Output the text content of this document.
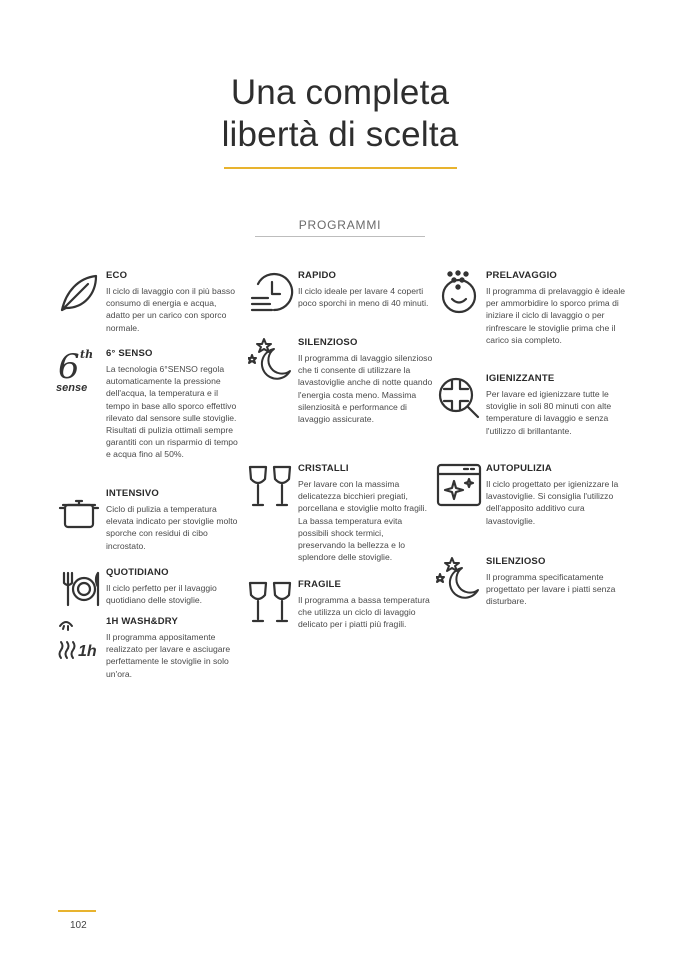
Una completa
libertà di scelta
PROGRAMMI
ECO

Il ciclo di lavaggio con il più basso consumo di energia e acqua, adatto per un carico con sporco normale.

6 th
sense
6° SENSO

La tecnologia 6°SENSO regola automaticamente la pressione dell'acqua, la temperatura e il tempo in base allo sporco effettivo rilevato dal sensore sulle stoviglie. Risultati di pulizia ottimali sempre garantiti con un risparmio di tempo e acqua fino al 50%.

INTENSIVO

Ciclo di pulizia a temperatura elevata indicato per stoviglie molto sporche con residui di cibo incrostato.

QUOTIDIANO

Il ciclo perfetto per il lavaggio quotidiano delle stoviglie.

1h
1H WASH&DRY

Il programma appositamente realizzato per lavare e asciugare perfettamente le stoviglie in solo un'ora.

RAPIDO

Il ciclo ideale per lavare 4 coperti poco sporchi in meno di 40 minuti.

SILENZIOSO

Il programma di lavaggio silenzioso che ti consente di utilizzare la lavastoviglie anche di notte quando l'energia costa meno. Massima silenziosità e performance di lavaggio assicurate.

CRISTALLI

Per lavare con la massima delicatezza bicchieri pregiati, porcellana e stoviglie molto fragili. La bassa temperatura evita possibili shock termici, preservando la bellezza e lo splendore delle stoviglie.

FRAGILE

Il programma a bassa temperatura che utilizza un ciclo di lavaggio delicato per i piatti più fragili.

PRELAVAGGIO

Il programma di prelavaggio è ideale per ammorbidire lo sporco prima di iniziare il ciclo di lavaggio o per rinfrescare le stoviglie prima che il carico sia completo.

IGIENIZZANTE

Per lavare ed igienizzare tutte le stoviglie in soli 80 minuti con alte temperature di lavaggio e senza l'utilizzo di brillantante.

AUTOPULIZIA

Il ciclo progettato per igienizzare la lavastoviglie. Si consiglia l'utilizzo dell'apposito additivo cura lavastoviglie.

SILENZIOSO

Il programma specificatamente progettato per lavare i piatti senza disturbare.

102
